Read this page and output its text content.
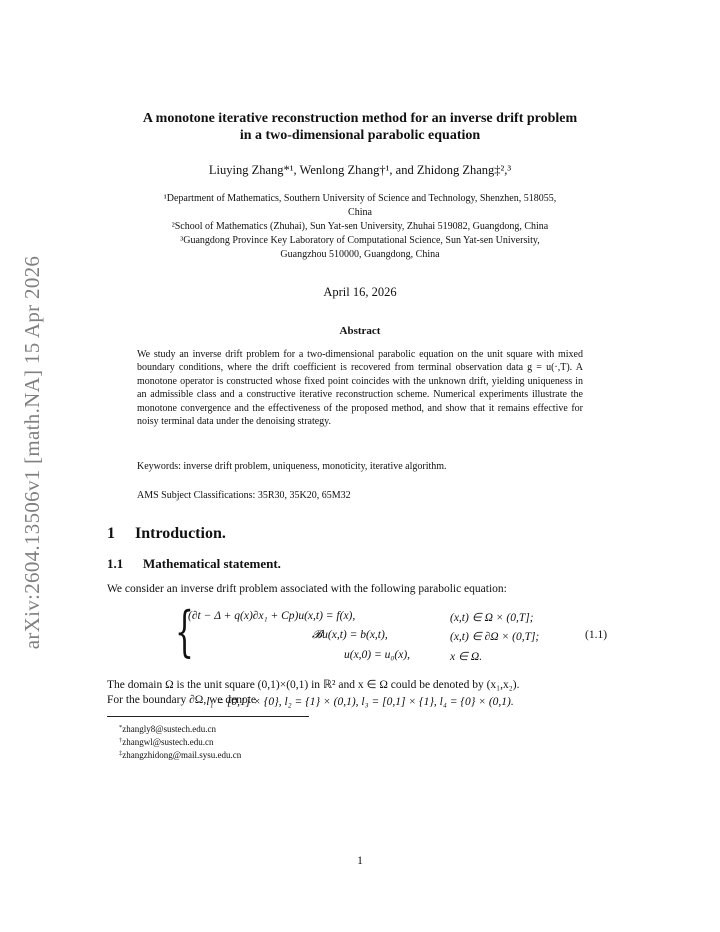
arXiv:2604.13506v1 [math.NA] 15 Apr 2026
A monotone iterative reconstruction method for an inverse drift problem
in a two-dimensional parabolic equation
Liuying Zhang*¹, Wenlong Zhang†¹, and Zhidong Zhang‡²,³
¹Department of Mathematics, Southern University of Science and Technology, Shenzhen, 518055,
China
²School of Mathematics (Zhuhai), Sun Yat-sen University, Zhuhai 519082, Guangdong, China
³Guangdong Province Key Laboratory of Computational Science, Sun Yat-sen University,
Guangzhou 510000, Guangdong, China
April 16, 2026
Abstract
We study an inverse drift problem for a two-dimensional parabolic equation on the unit square with mixed boundary conditions, where the drift coefficient is recovered from terminal observation data g = u(·,T). A monotone operator is constructed whose fixed point coincides with the unknown drift, yielding uniqueness in an admissible class and a constructive iterative reconstruction scheme. Numerical experiments illustrate the monotone convergence and the effectiveness of the proposed method, and show that it remains effective for noisy terminal data under the denoising strategy.
Keywords: inverse drift problem, uniqueness, monoticity, iterative algorithm.
AMS Subject Classifications: 35R30, 35K20, 65M32
1 Introduction.
1.1 Mathematical statement.
We consider an inverse drift problem associated with the following parabolic equation:
{
(∂t − Δ + q(x)∂x₁ + Cp)u(x,t) = f(x),	(x,t) ∈ Ω × (0,T];
𝓑u(x,t) = b(x,t),	(x,t) ∈ ∂Ω × (0,T];
u(x,0) = u₀(x),	x ∈ Ω.
(1.1)
The domain Ω is the unit square (0,1)×(0,1) in ℝ² and x ∈ Ω could be denoted by (x₁,x₂).
For the boundary ∂Ω, we denote
l₁ = [0,1] × {0}, l₂ = {1} × (0,1), l₃ = [0,1] × {1}, l₄ = {0} × (0,1).
*zhangly8@sustech.edu.cn
†zhangwl@sustech.edu.cn
‡zhangzhidong@mail.sysu.edu.cn
1
